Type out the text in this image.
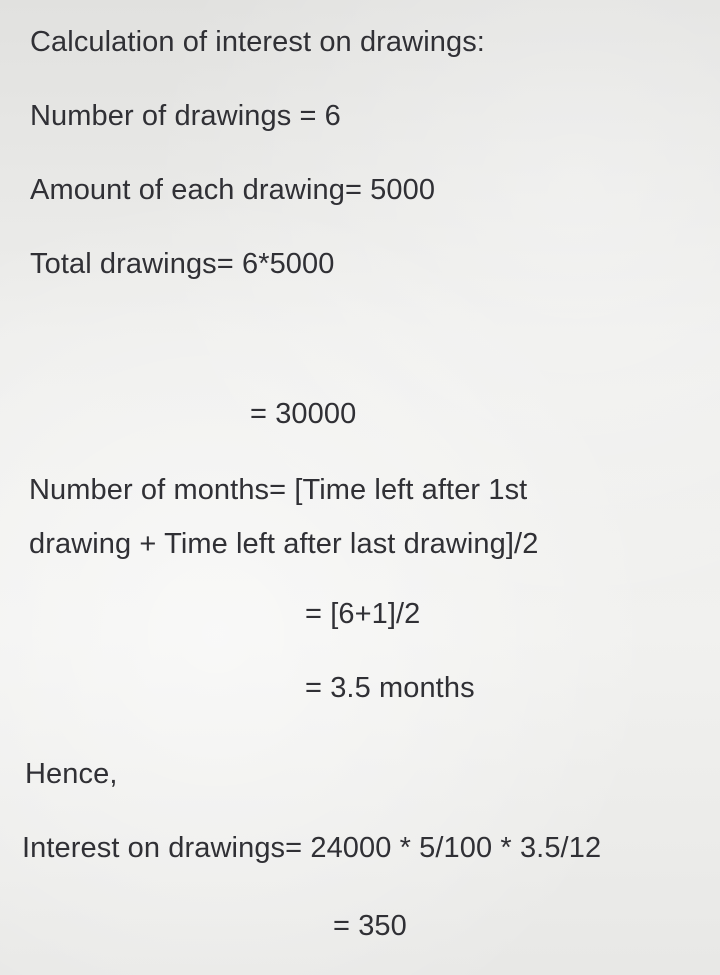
Calculation of interest on drawings:
Number of drawings = 6
Amount of each drawing= 5000
Total drawings= 6*5000
= 30000
Number of months= [Time left after 1st
drawing + Time left after last drawing]/2
= [6+1]/2
= 3.5 months
Hence,
Interest on drawings= 24000 * 5/100 * 3.5/12
= 350
